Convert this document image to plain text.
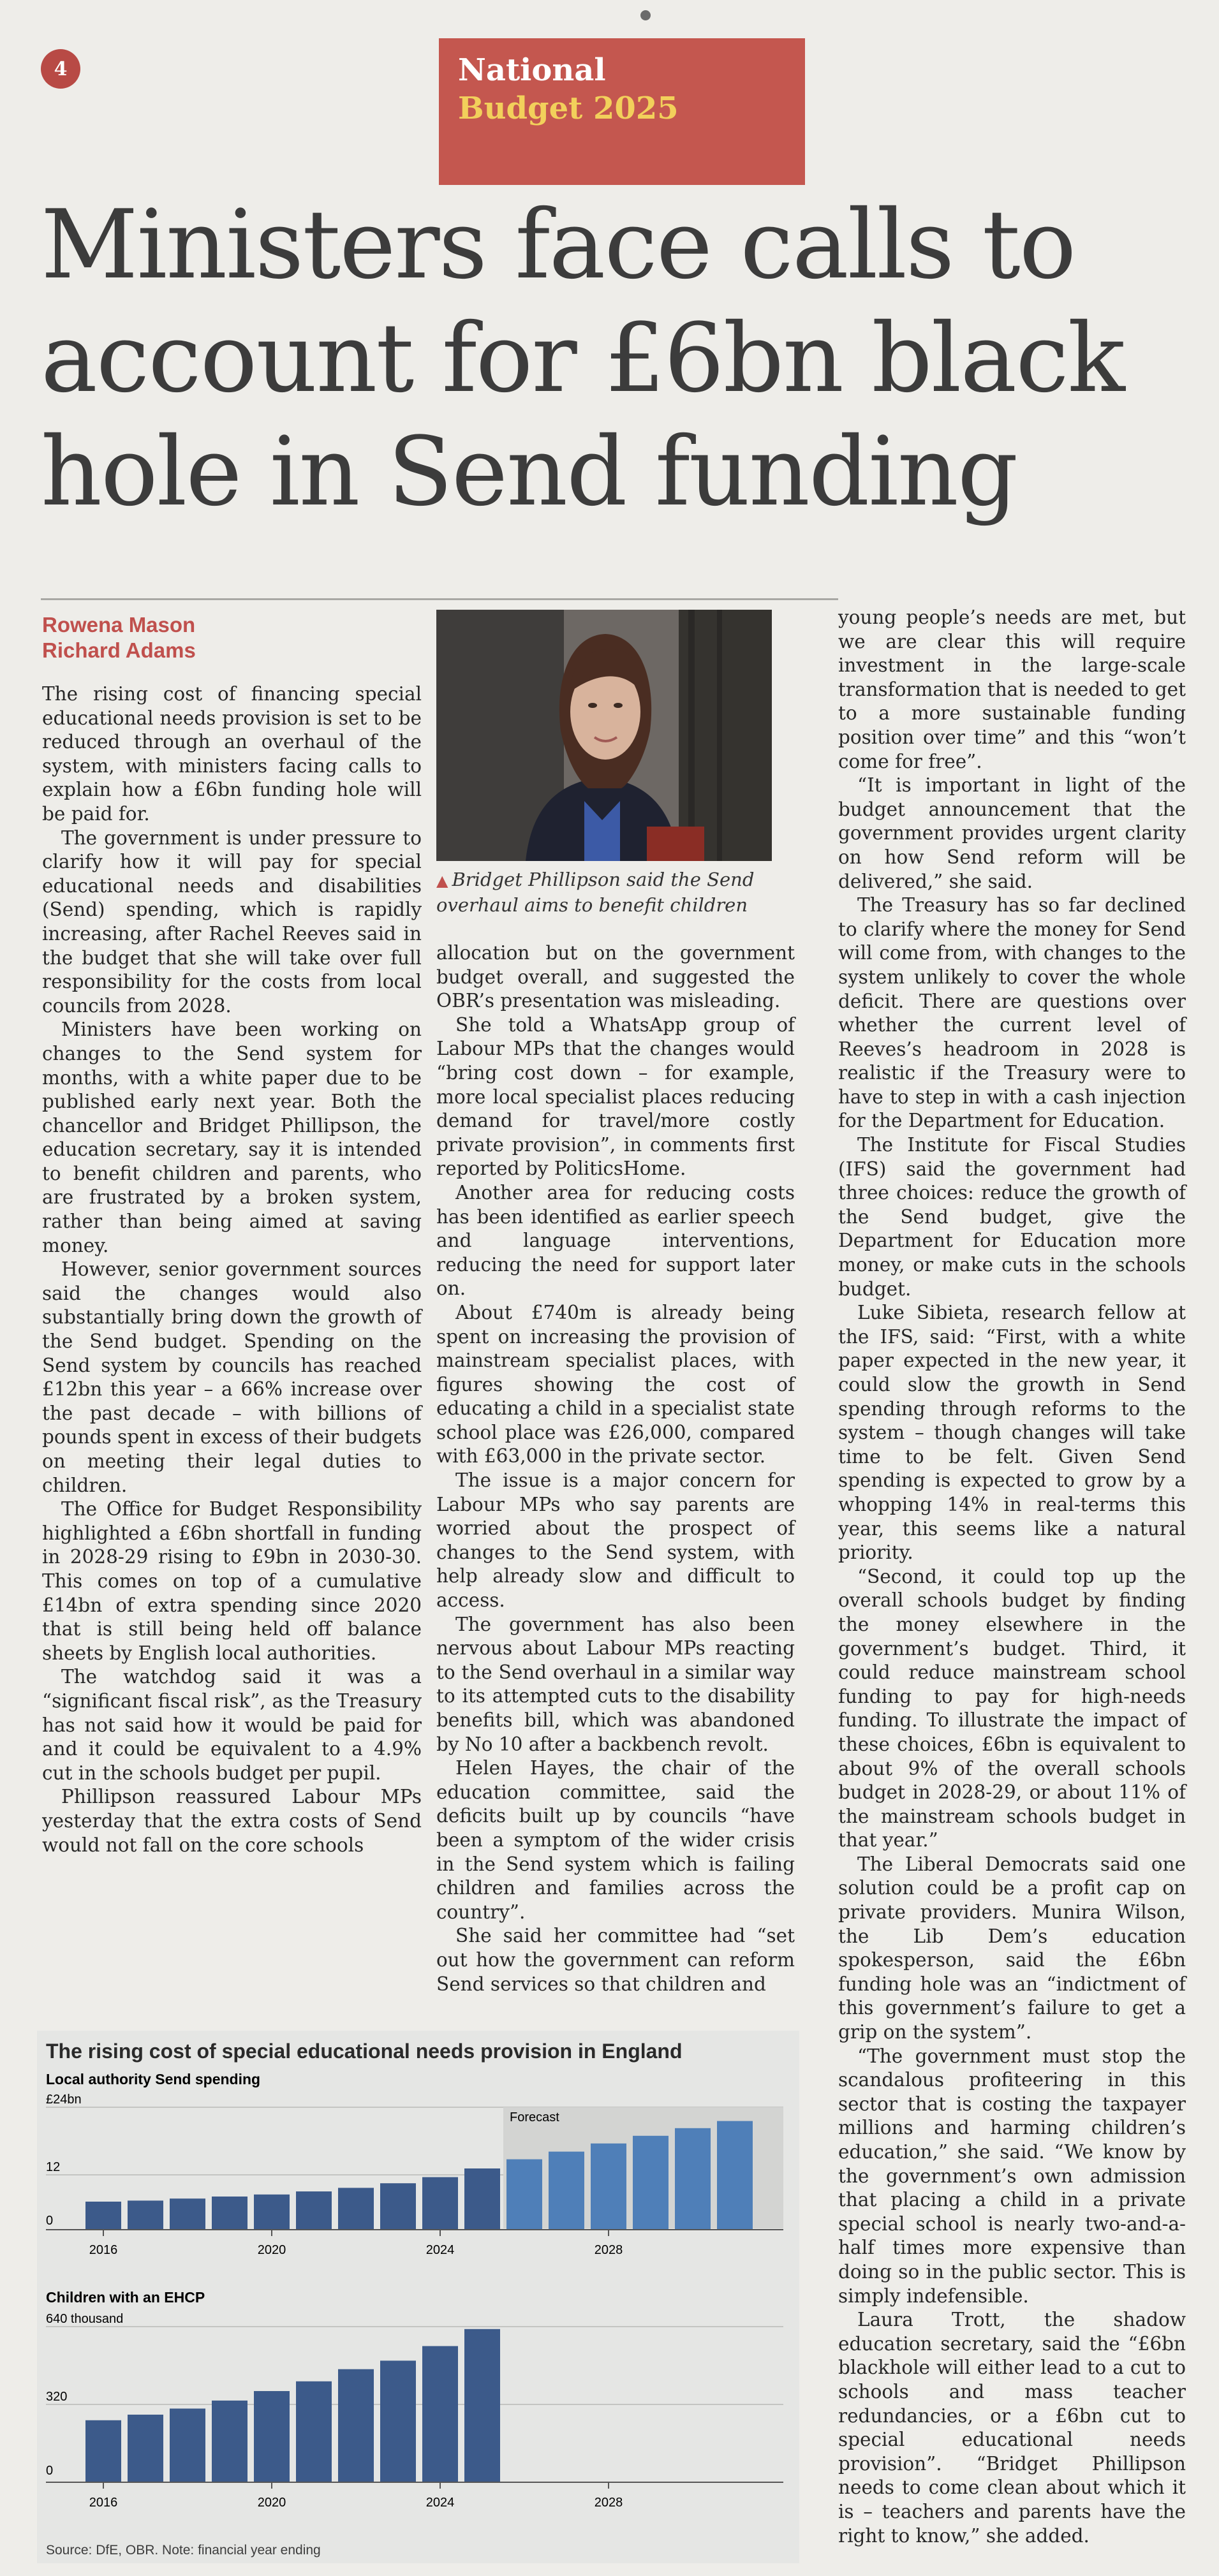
4	National
Budget 2025
Ministers face calls to
account for £6bn black
hole in Send funding
Rowena Mason
Richard Adams
▲ Bridget Phillipson said the Send overhaul aims to benefit children

The rising cost of financing special educational needs provision is set to be reduced through an overhaul of the system, with ministers facing calls to explain how a £6bn funding hole will be paid for.

The government is under pressure to clarify how it will pay for special educational needs and disabilities (Send) spending, which is rapidly increasing, after Rachel Reeves said in the budget that she will take over full responsibility for the costs from local councils from 2028.

Ministers have been working on changes to the Send system for months, with a white paper due to be published early next year. Both the chancellor and Bridget Phillipson, the education secretary, say it is intended to benefit children and parents, who are frustrated by a broken system, rather than being aimed at saving money.

However, senior government sources said the changes would also substantially bring down the growth of the Send budget. Spending on the Send system by councils has reached £12bn this year – a 66% increase over the past decade – with billions of pounds spent in excess of their budgets on meeting their legal duties to children.

The Office for Budget Responsibility highlighted a £6bn shortfall in funding in 2028-29 rising to £9bn in 2030-30. This comes on top of a cumulative £14bn of extra spending since 2020 that is still being held off balance sheets by English local authorities.

The watchdog said it was a “significant fiscal risk”, as the Treasury has not said how it would be paid for and it could be equivalent to a 4.9% cut in the schools budget per pupil.

Phillipson reassured Labour MPs yesterday that the extra costs of Send would not fall on the core schools

allocation but on the government budget overall, and suggested the OBR’s presentation was misleading.

She told a WhatsApp group of Labour MPs that the changes would “bring cost down – for example, more local specialist places reducing demand for travel/more costly private provision”, in comments first reported by PoliticsHome.

Another area for reducing costs has been identified as earlier speech and language interventions, reducing the need for support later on.

About £740m is already being spent on increasing the provision of mainstream specialist places, with figures showing the cost of educating a child in a specialist state school place was £26,000, compared with £63,000 in the private sector.

The issue is a major concern for Labour MPs who say parents are worried about the prospect of changes to the Send system, with help already slow and difficult to access.

The government has also been nervous about Labour MPs reacting to the Send overhaul in a similar way to its attempted cuts to the disability benefits bill, which was abandoned by No 10 after a backbench revolt.

Helen Hayes, the chair of the education committee, said the deficits built up by councils “have been a symptom of the wider crisis in the Send system which is failing children and families across the country”.

She said her committee had “set out how the government can reform Send services so that children and

young people’s needs are met, but we are clear this will require investment in the large-scale transformation that is needed to get to a more sustainable funding position over time” and this “won’t come for free”.

“It is important in light of the budget announcement that the government provides urgent clarity on how Send reform will be delivered,” she said.

The Treasury has so far declined to clarify where the money for Send will come from, with changes to the system unlikely to cover the whole deficit. There are questions over whether the current level of Reeves’s headroom in 2028 is realistic if the Treasury were to have to step in with a cash injection for the Department for Education.

The Institute for Fiscal Studies (IFS) said the government had three choices: reduce the growth of the Send budget, give the Department for Education more money, or make cuts in the schools budget.

Luke Sibieta, research fellow at the IFS, said: “First, with a white paper expected in the new year, it could slow the growth in Send spending through reforms to the system – though changes will take time to be felt. Given Send spending is expected to grow by a whopping 14% in real-terms this year, this seems like a natural priority.

“Second, it could top up the overall schools budget by finding the money elsewhere in the government’s budget. Third, it could reduce mainstream school funding to pay for high-needs funding. To illustrate the impact of these choices, £6bn is equivalent to about 9% of the overall schools budget in 2028-29, or about 11% of the mainstream schools budget in that year.”

The Liberal Democrats said one solution could be a profit cap on private providers. Munira Wilson, the Lib Dem’s education spokesperson, said the £6bn funding hole was an “indictment of this government’s failure to get a grip on the system”.

“The government must stop the scandalous profiteering in this sector that is costing the taxpayer millions and harming children’s education,” she said. “We know by the government’s own admission that placing a child in a private special school is nearly two-and-a-half times more expensive than doing so in the public sector. This is simply indefensible.

Laura Trott, the shadow education secretary, said the “£6bn blackhole will either lead to a cut to schools and mass teacher redundancies, or a £6bn cut to special educational needs provision”. “Bridget Phillipson needs to come clean about which it is – teachers and parents have the right to know,” she added.

The rising cost of special educational needs provision in England
Local authority Send spending
£24bn
12
0
Forecast
2016	2020	2024	2028
Children with an EHCP
640 thousand
320
0
2016	2020	2024	2028
Source: DfE, OBR. Note: financial year ending
